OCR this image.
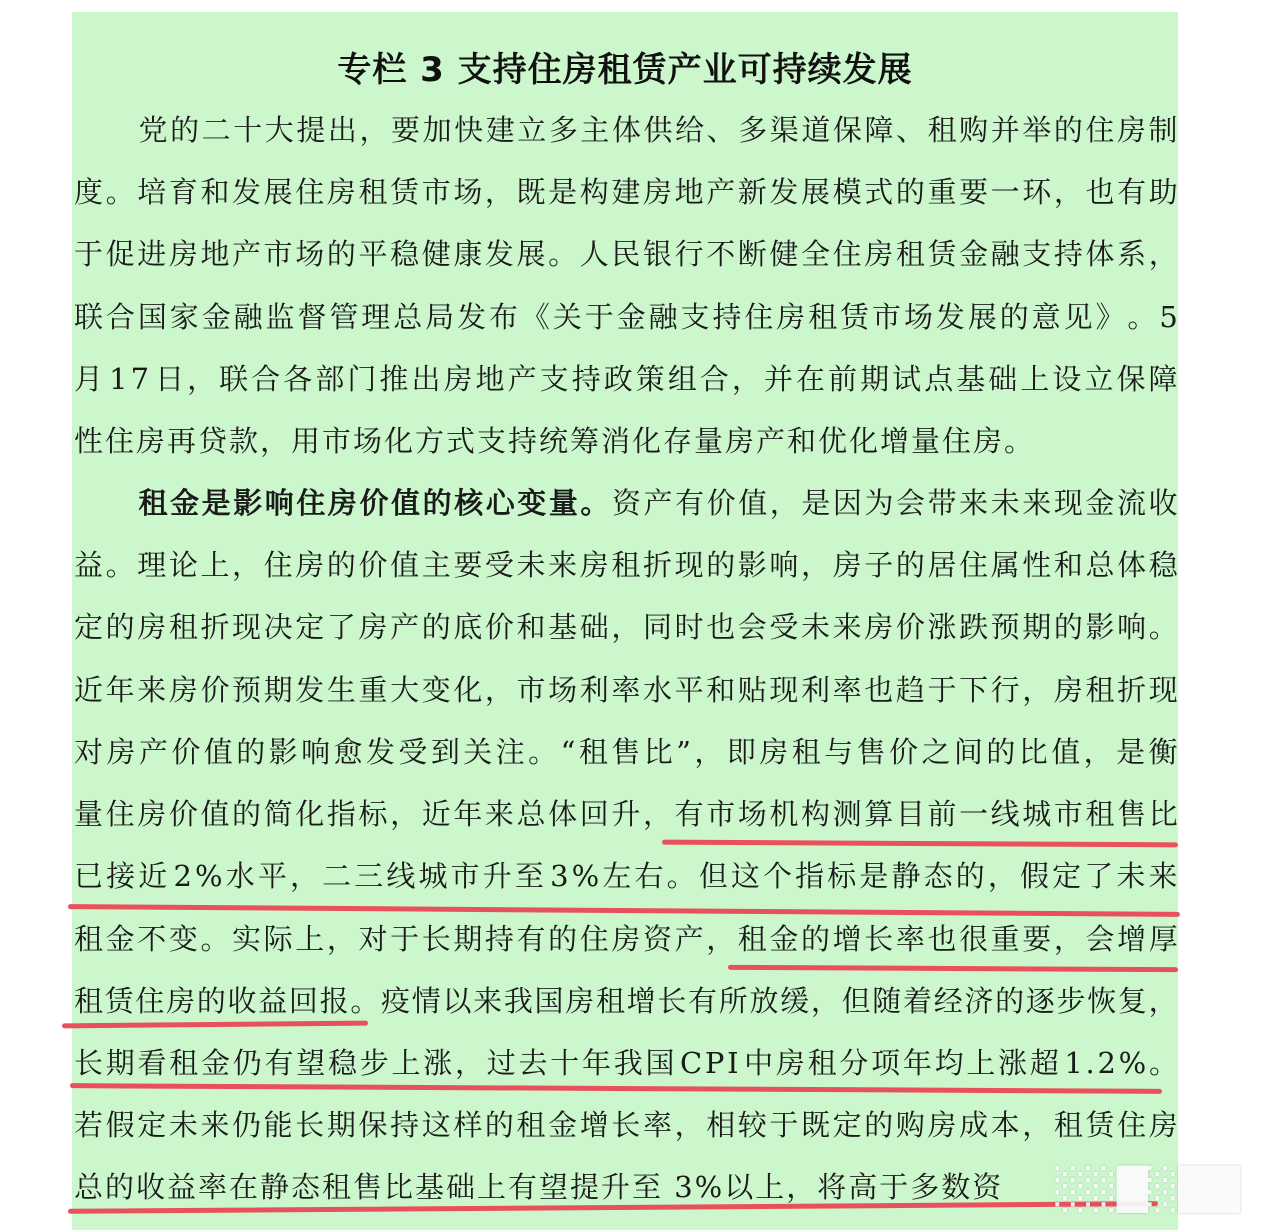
专栏 3 支持住房租赁产业可持续发展
党 的 二 十 大 提 出 ， 要 加 快 建 立 多 主 体 供 给 、 多 渠 道 保 障 、 租 购 并 举 的 住 房 制
度 。 培 育 和 发 展 住 房 租 赁 市 场 ， 既 是 构 建 房 地 产 新 发 展 模 式 的 重 要 一 环 ， 也 有 助
于 促 进 房 地 产 市 场 的 平 稳 健 康 发 展 。 人 民 银 行 不 断 健 全 住 房 租 赁 金 融 支 持 体 系 ，
联 合 国 家 金 融 监 督 管 理 总 局 发 布 《 关 于 金 融 支 持 住 房 租 赁 市 场 发 展 的 意 见 》 。 5
月 1 7 日 ， 联 合 各 部 门 推 出 房 地 产 支 持 政 策 组 合 ， 并 在 前 期 试 点 基 础 上 设 立 保 障
性住房再贷款，用市场化方式支持统筹消化存量房产和优化增量住房。
租 金 是 影 响 住 房 价 值 的 核 心 变 量 。 资 产 有 价 值 ， 是 因 为 会 带 来 未 来 现 金 流 收
益 。 理 论 上 ， 住 房 的 价 值 主 要 受 未 来 房 租 折 现 的 影 响 ， 房 子 的 居 住 属 性 和 总 体 稳
定 的 房 租 折 现 决 定 了 房 产 的 底 价 和 基 础 ， 同 时 也 会 受 未 来 房 价 涨 跌 预 期 的 影 响 。
近 年 来 房 价 预 期 发 生 重 大 变 化 ， 市 场 利 率 水 平 和 贴 现 利 率 也 趋 于 下 行 ， 房 租 折 现
对 房 产 价 值 的 影 响 愈 发 受 到 关 注 。 “ 租 售 比 ” ， 即 房 租 与 售 价 之 间 的 比 值 ， 是 衡
量 住 房 价 值 的 简 化 指 标 ， 近 年 来 总 体 回 升 ， 有 市 场 机 构 测 算 目 前 一 线 城 市 租 售 比
已 接 近 2 % 水 平 ， 二 三 线 城 市 升 至 3 % 左 右 。 但 这 个 指 标 是 静 态 的 ， 假 定 了 未 来
租 金 不 变 。 实 际 上 ， 对 于 长 期 持 有 的 住 房 资 产 ， 租 金 的 增 长 率 也 很 重 要 ， 会 增 厚
租 赁 住 房 的 收 益 回 报 。 疫 情 以 来 我 国 房 租 增 长 有 所 放 缓 ， 但 随 着 经 济 的 逐 步 恢 复 ，
长 期 看 租 金 仍 有 望 稳 步 上 涨 ， 过 去 十 年 我 国 C P I 中 房 租 分 项 年 均 上 涨 超 1 . 2 % 。
若 假 定 未 来 仍 能 长 期 保 持 这 样 的 租 金 增 长 率 ， 相 较 于 既 定 的 购 房 成 本 ， 租 赁 住 房
总的收益率在静态租售比基础上有望提升至 3%以上，将高于多数资	░░█░██
